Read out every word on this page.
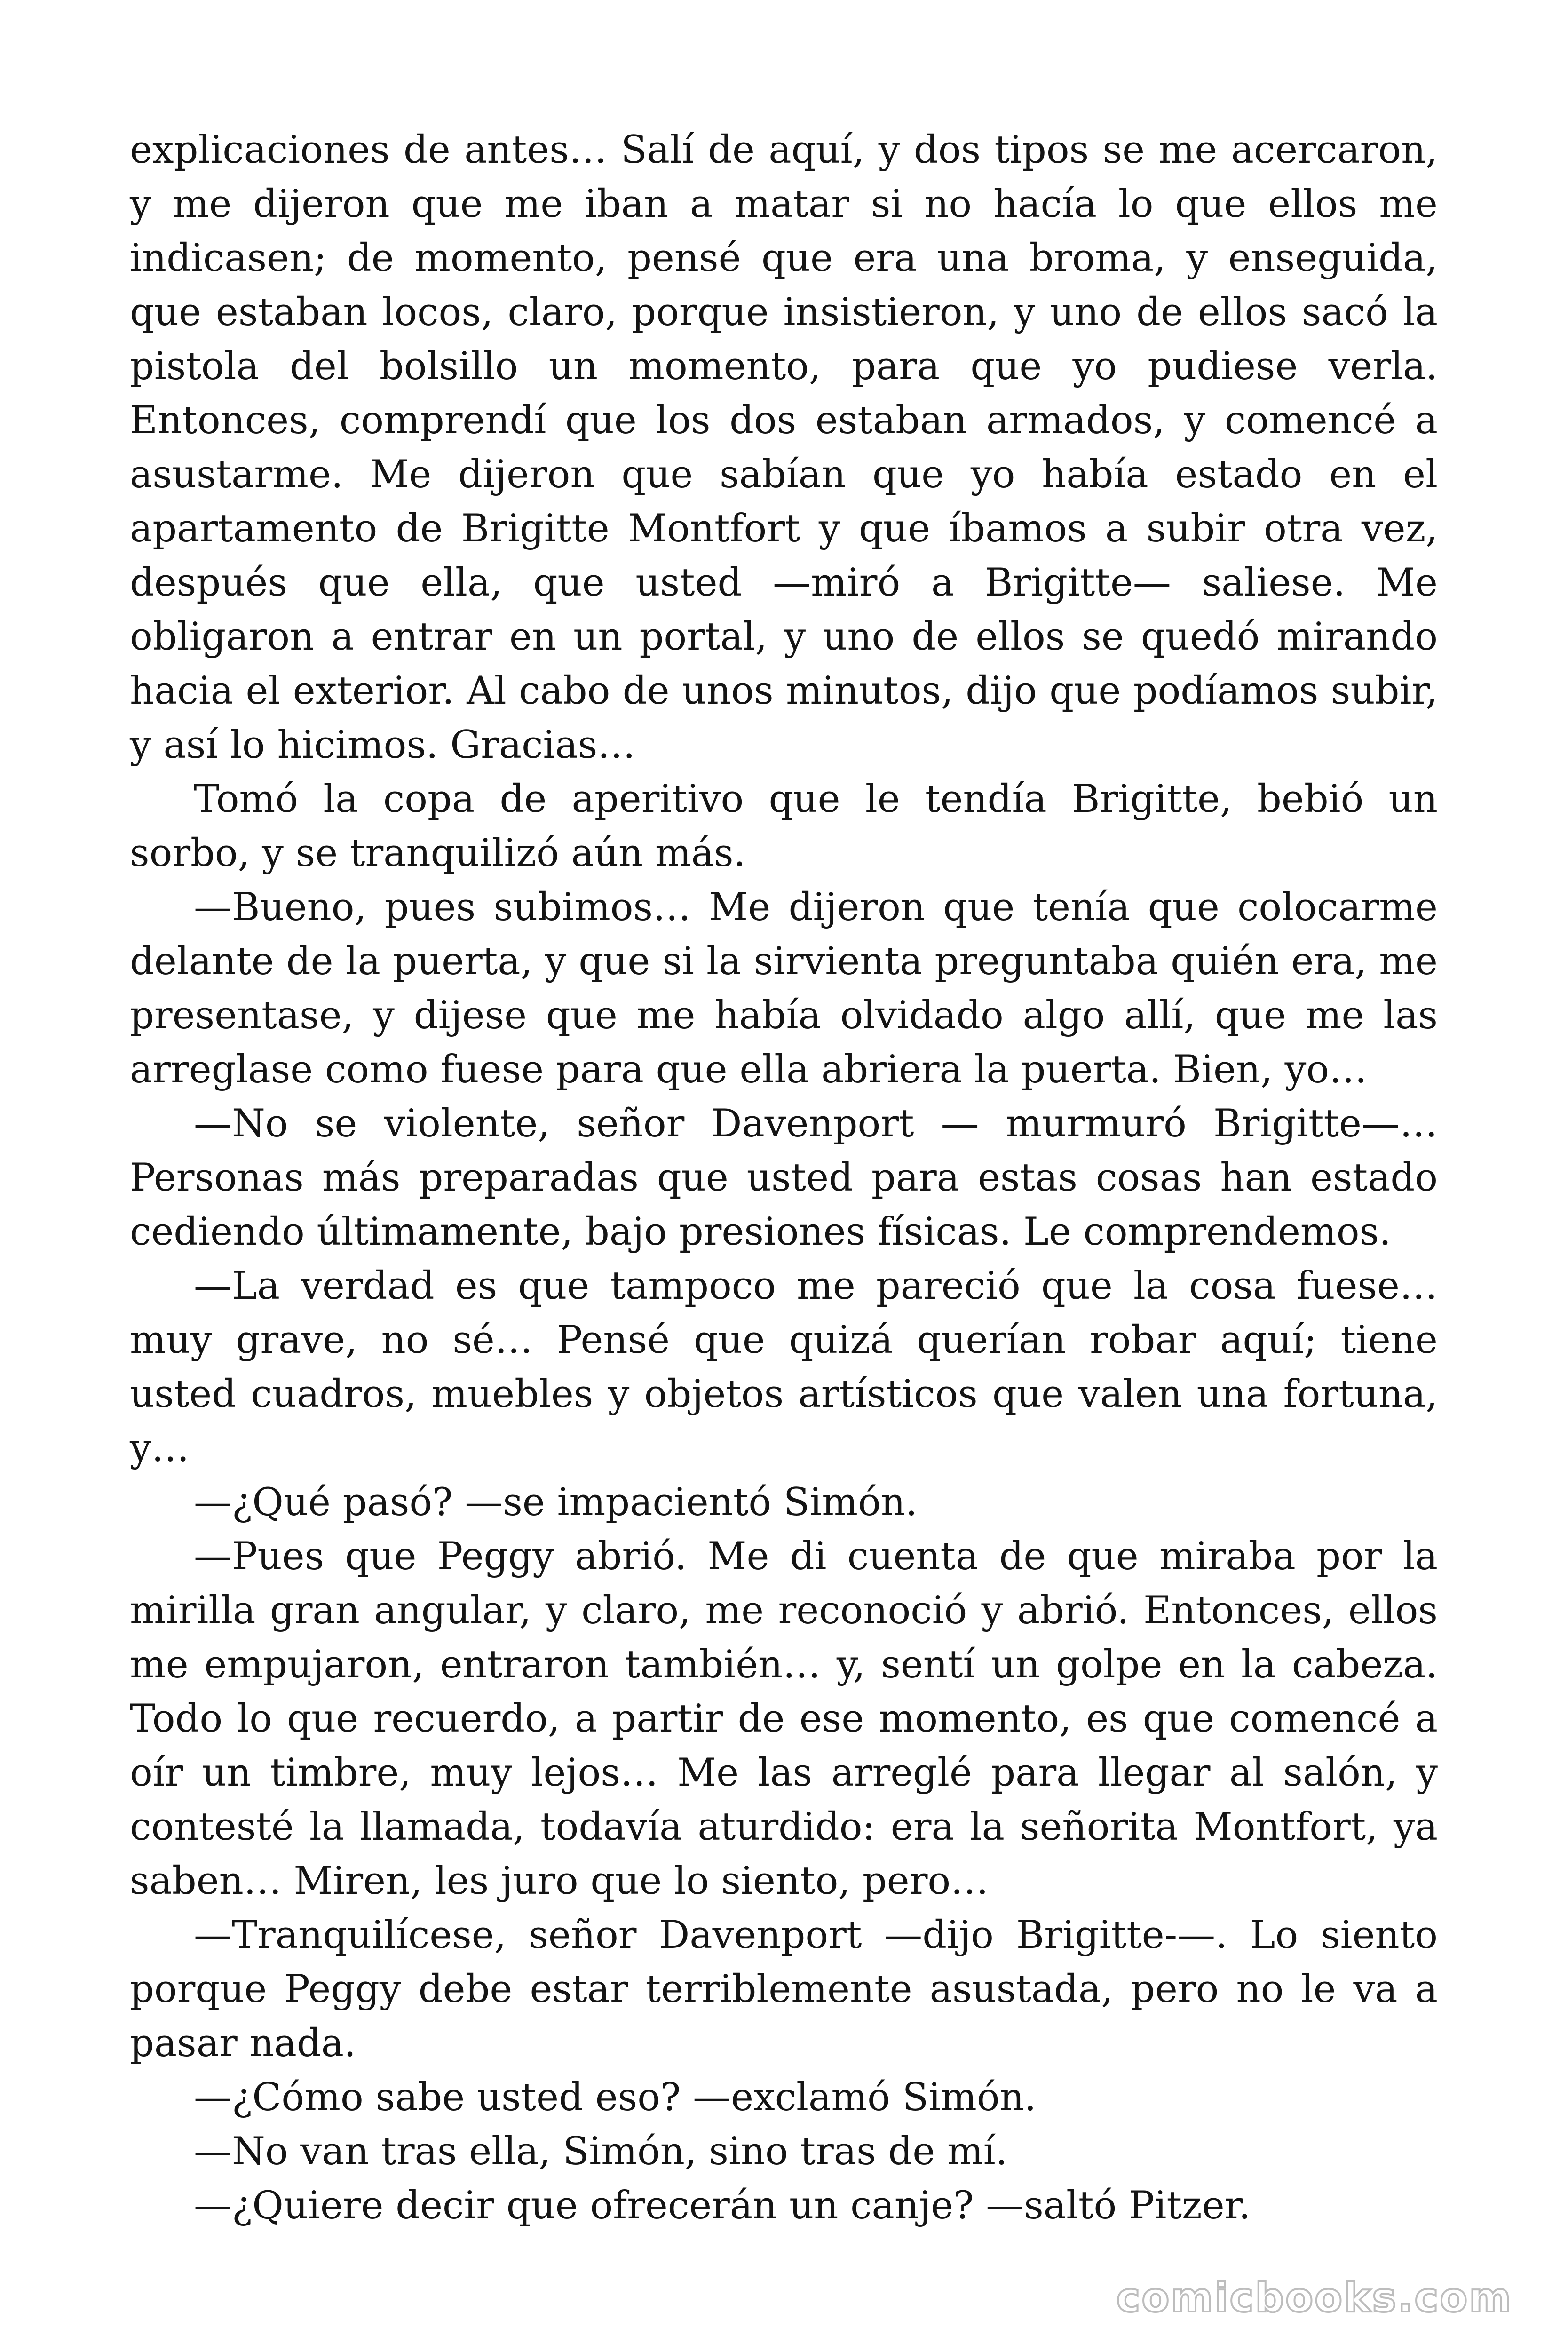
explicaciones de antes… Salí de aquí, y dos tipos se me acercaron, y me dijeron que me iban a matar si no hacía lo que ellos me indicasen; de momento, pensé que era una broma, y enseguida, que estaban locos, claro, porque insistieron, y uno de ellos sacó la pistola del bolsillo un momento, para que yo pudiese verla. Entonces, comprendí que los dos estaban armados, y comencé a asustarme. Me dijeron que sabían que yo había estado en el apartamento de Brigitte Montfort y que íbamos a subir otra vez, después que ella, que usted —miró a Brigitte— saliese. Me obligaron a entrar en un portal, y uno de ellos se quedó mirando hacia el exterior. Al cabo de unos minutos, dijo que podíamos subir, y así lo hicimos. Gracias…

Tomó la copa de aperitivo que le tendía Brigitte, bebió un sorbo, y se tranquilizó aún más.

—Bueno, pues subimos… Me dijeron que tenía que colocarme delante de la puerta, y que si la sirvienta preguntaba quién era, me presentase, y dijese que me había olvidado algo allí, que me las arreglase como fuese para que ella abriera la puerta. Bien, yo…

—No se violente, señor Davenport — murmuró Brigitte—… Personas más preparadas que usted para estas cosas han estado cediendo últimamente, bajo presiones físicas. Le comprendemos.

—La verdad es que tampoco me pareció que la cosa fuese… muy grave, no sé… Pensé que quizá querían robar aquí; tiene usted cuadros, muebles y objetos artísticos que valen una fortuna, y…

—¿Qué pasó? —se impacientó Simón.

—Pues que Peggy abrió. Me di cuenta de que miraba por la mirilla gran angular, y claro, me reconoció y abrió. Entonces, ellos me empujaron, entraron también… y, sentí un golpe en la cabeza. Todo lo que recuerdo, a partir de ese momento, es que comencé a oír un timbre, muy lejos… Me las arreglé para llegar al salón, y contesté la llamada, todavía aturdido: era la señorita Montfort, ya saben… Miren, les juro que lo siento, pero…

—Tranquilícese, señor Davenport —dijo Brigitte-—. Lo siento porque Peggy debe estar terriblemente asustada, pero no le va a pasar nada.

—¿Cómo sabe usted eso? —exclamó Simón.

—No van tras ella, Simón, sino tras de mí.

—¿Quiere decir que ofrecerán un canje? —saltó Pitzer.

comicbooks.com
